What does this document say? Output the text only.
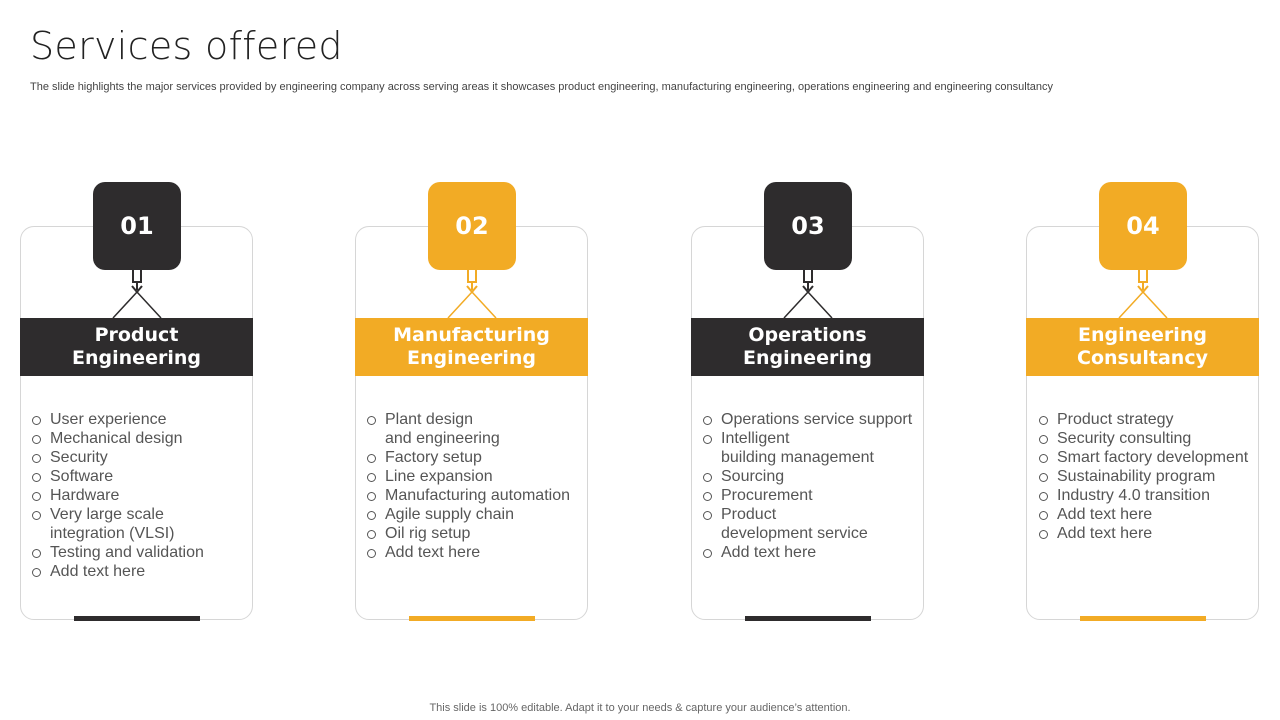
Services offered
The slide highlights the major services provided by engineering company across serving areas it showcases product engineering, manufacturing engineering, operations engineering and engineering consultancy
01
Product
Engineering
User experience
Mechanical design
Security
Software
Hardware
Very large scale
integration (VLSI)
Testing and validation
Add text here
02
Manufacturing
Engineering
Plant design
and engineering
Factory setup
Line expansion
Manufacturing automation
Agile supply chain
Oil rig setup
Add text here
03
Operations
Engineering
Operations service support
Intelligent
building management
Sourcing
Procurement
Product
development service
Add text here
04
Engineering
Consultancy
Product strategy
Security consulting
Smart factory development
Sustainability program
Industry 4.0 transition
Add text here
Add text here
This slide is 100% editable. Adapt it to your needs & capture your audience’s attention.
